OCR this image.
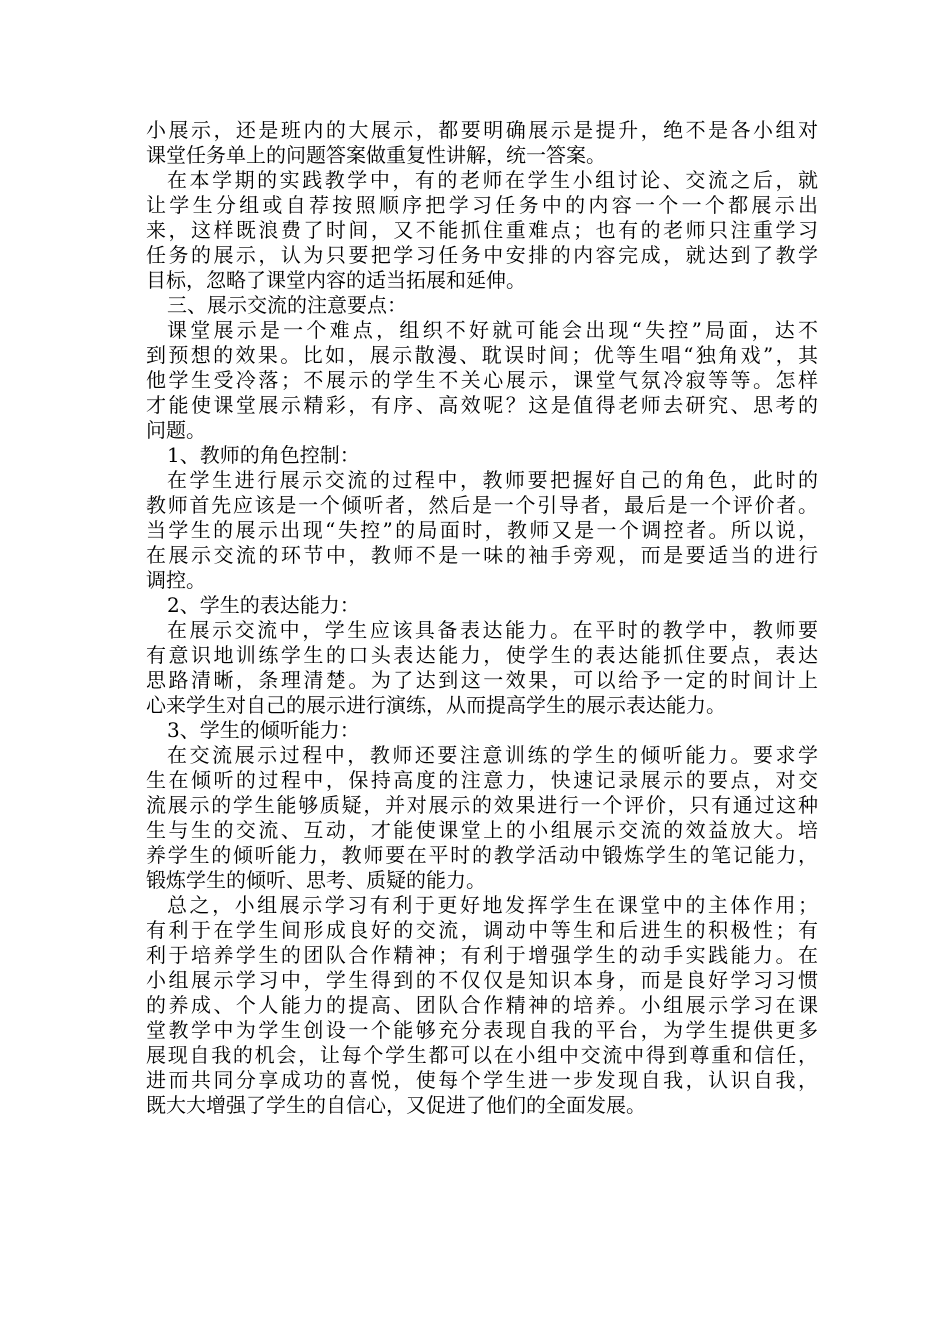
小展示，还是班内的大展示，都要明确展示是提升，绝不是各小组对
课堂任务单上的问题答案做重复性讲解，统一答案。
在本学期的实践教学中，有的老师在学生小组讨论、交流之后，就
让学生分组或自荐按照顺序把学习任务中的内容一个一个都展示出
来，这样既浪费了时间，又不能抓住重难点；也有的老师只注重学习
任务的展示，认为只要把学习任务中安排的内容完成，就达到了教学
目标，忽略了课堂内容的适当拓展和延伸。
三、展示交流的注意要点：
课堂展示是一个难点，组织不好就可能会出现“失控”局面，达不
到预想的效果。比如，展示散漫、耽误时间；优等生唱“独角戏”，其
他学生受冷落；不展示的学生不关心展示，课堂气氛冷寂等等。怎样
才能使课堂展示精彩，有序、高效呢？这是值得老师去研究、思考的
问题。
1、教师的角色控制：
在学生进行展示交流的过程中，教师要把握好自己的角色，此时的
教师首先应该是一个倾听者，然后是一个引导者，最后是一个评价者。
当学生的展示出现“失控”的局面时，教师又是一个调控者。所以说，
在展示交流的环节中，教师不是一味的袖手旁观，而是要适当的进行
调控。
2、学生的表达能力：
在展示交流中，学生应该具备表达能力。在平时的教学中，教师要
有意识地训练学生的口头表达能力，使学生的表达能抓住要点，表达
思路清晰，条理清楚。为了达到这一效果，可以给予一定的时间计上
心来学生对自己的展示进行演练，从而提高学生的展示表达能力。
3、学生的倾听能力：
在交流展示过程中，教师还要注意训练的学生的倾听能力。要求学
生在倾听的过程中，保持高度的注意力，快速记录展示的要点，对交
流展示的学生能够质疑，并对展示的效果进行一个评价，只有通过这种
生与生的交流、互动，才能使课堂上的小组展示交流的效益放大。培
养学生的倾听能力，教师要在平时的教学活动中锻炼学生的笔记能力，
锻炼学生的倾听、思考、质疑的能力。
总之，小组展示学习有利于更好地发挥学生在课堂中的主体作用；
有利于在学生间形成良好的交流，调动中等生和后进生的积极性；有
利于培养学生的团队合作精神；有利于增强学生的动手实践能力。在
小组展示学习中，学生得到的不仅仅是知识本身，而是良好学习习惯
的养成、个人能力的提高、团队合作精神的培养。小组展示学习在课
堂教学中为学生创设一个能够充分表现自我的平台，为学生提供更多
展现自我的机会，让每个学生都可以在小组中交流中得到尊重和信任，
进而共同分享成功的喜悦，使每个学生进一步发现自我，认识自我，
既大大增强了学生的自信心，又促进了他们的全面发展。
